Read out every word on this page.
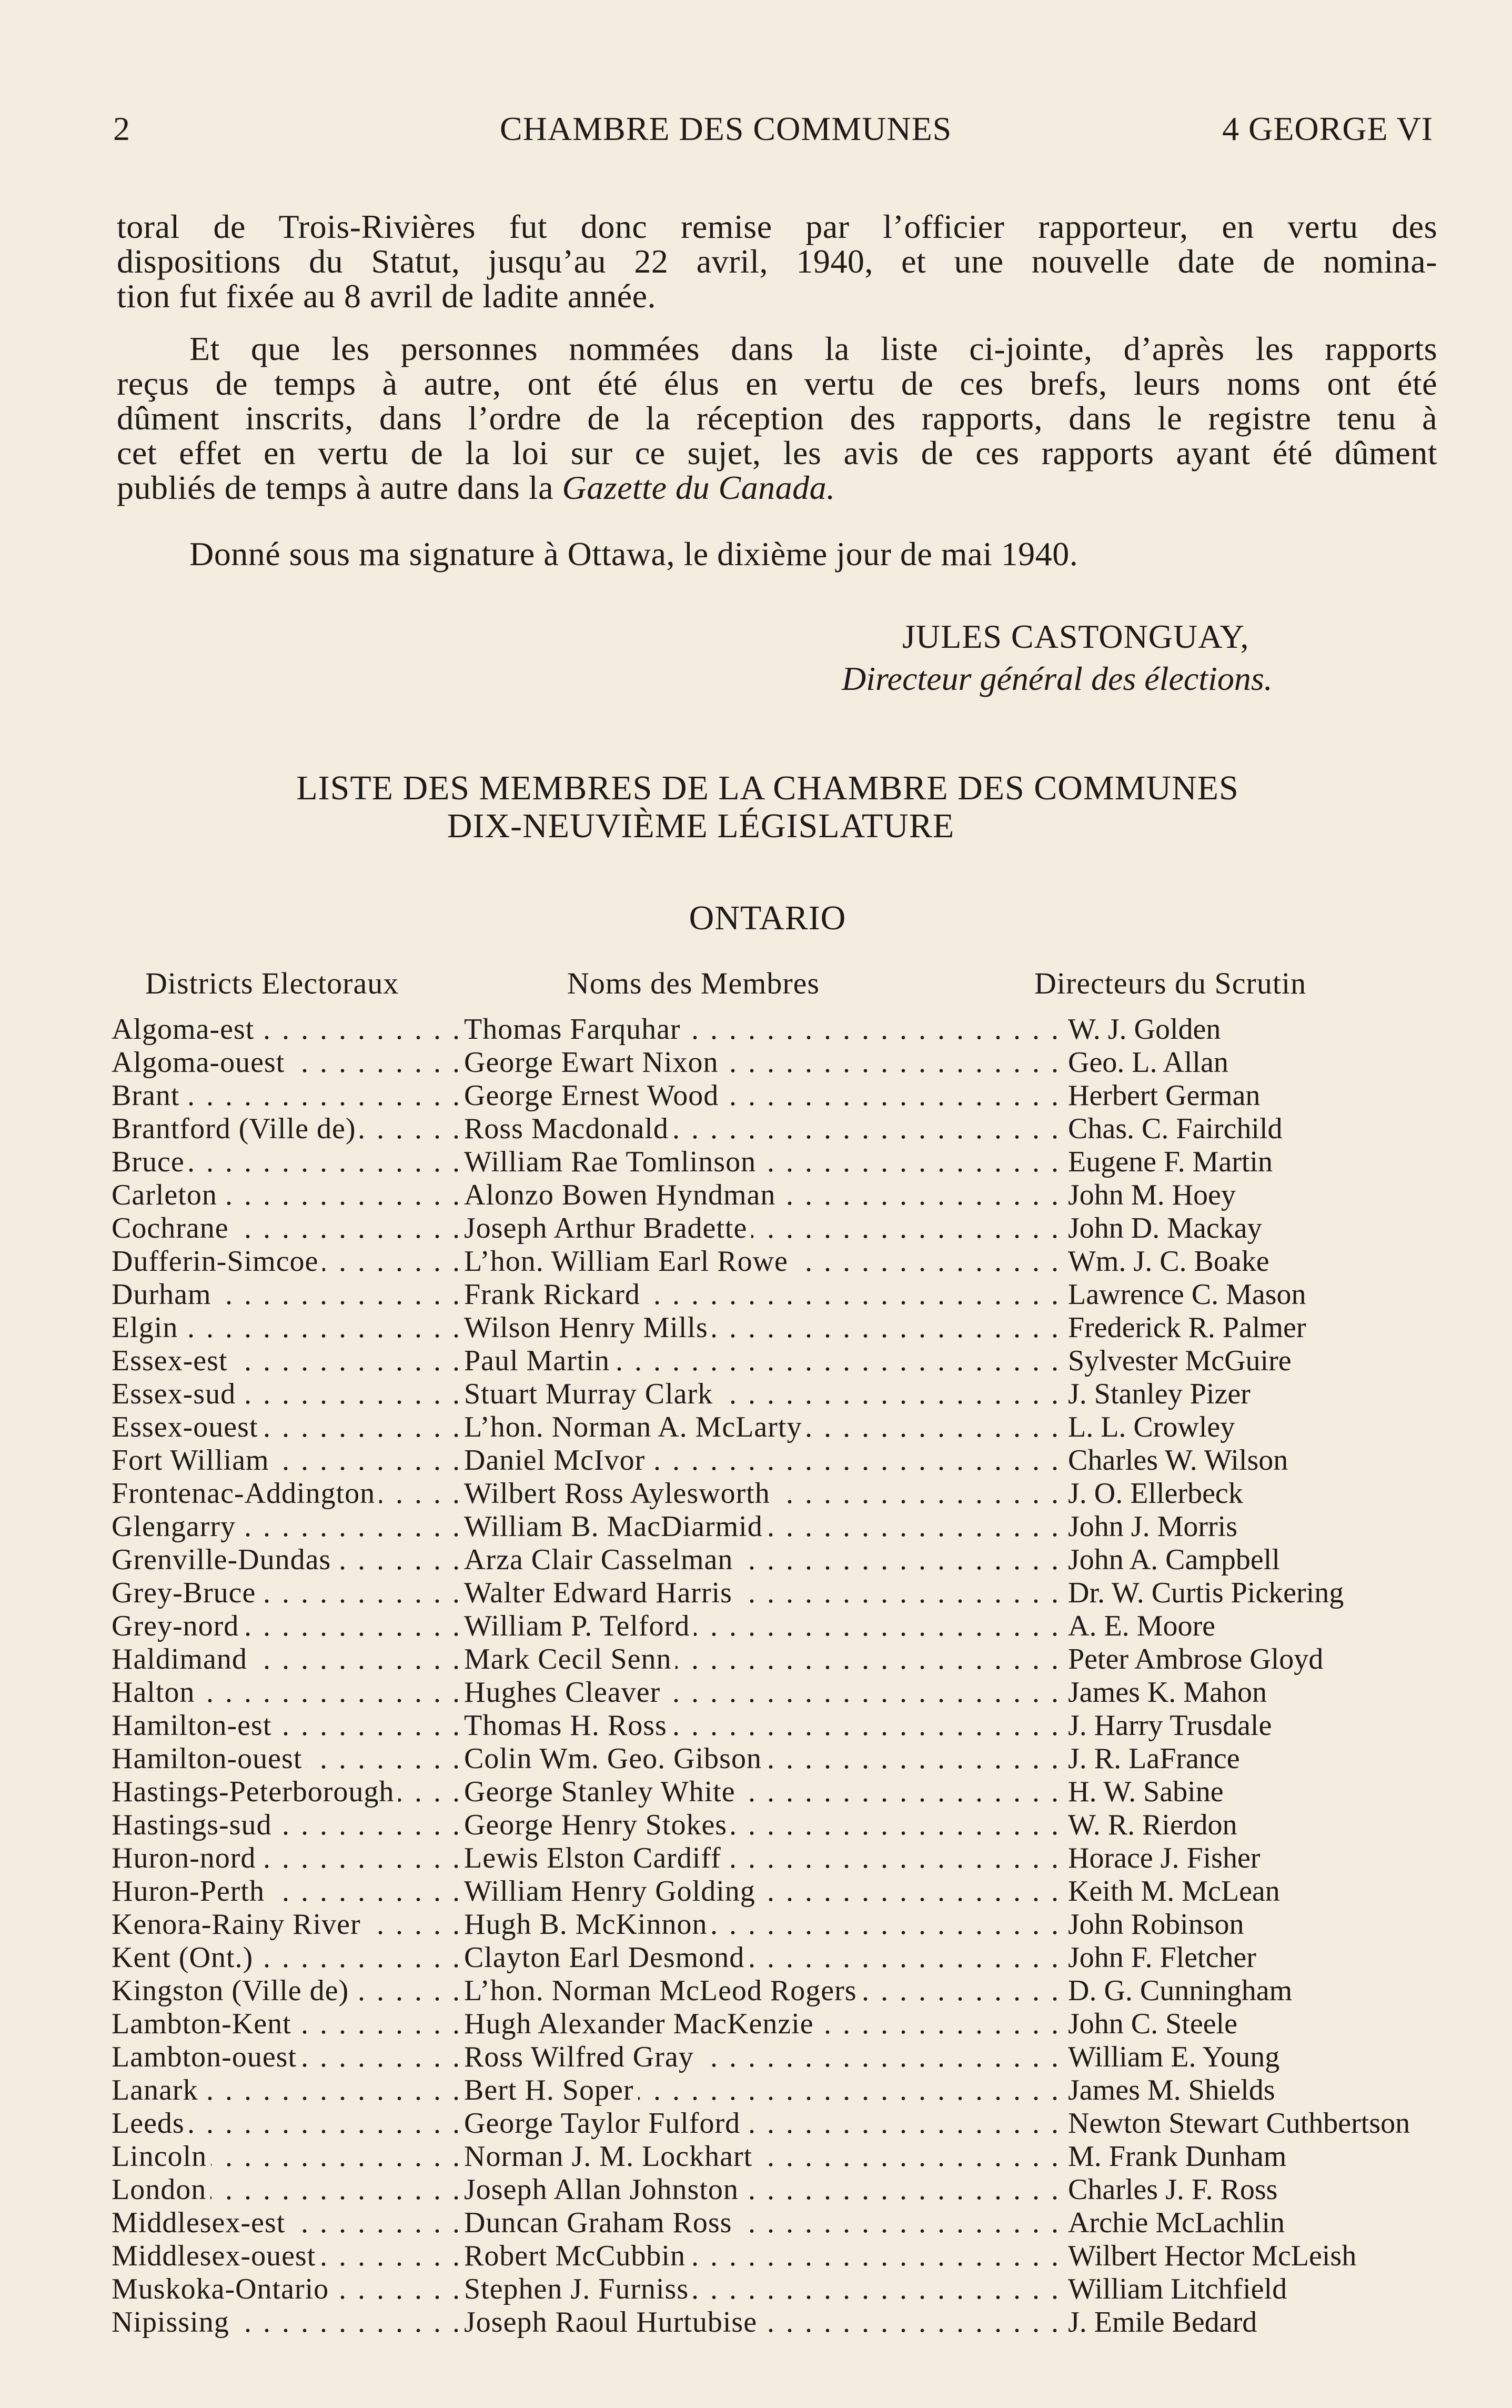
2	CHAMBRE DES COMMUNES	4 GEORGE VI
toral de Trois-Rivières fut donc remise par l’officier rapporteur, en vertu des
dispositions du Statut, jusqu’au 22 avril, 1940, et une nouvelle date de nomina-
tion fut fixée au 8 avril de ladite année.
Et que les personnes nommées dans la liste ci-jointe, d’après les rapports
reçus de temps à autre, ont été élus en vertu de ces brefs, leurs noms ont été
dûment inscrits, dans l’ordre de la réception des rapports, dans le registre tenu à
cet effet en vertu de la loi sur ce sujet, les avis de ces rapports ayant été dûment
publiés de temps à autre dans la Gazette du Canada.
Donné sous ma signature à Ottawa, le dixième jour de mai 1940.
JULES CASTONGUAY,
Directeur général des élections.
LISTE DES MEMBRES DE LA CHAMBRE DES COMMUNES
DIX-NEUVIÈME LÉGISLATURE
ONTARIO
Districts Electoraux	Noms des Membres	Directeurs du Scrutin
Algoma-est . . .	Thomas Farquhar . . .	W. J. Golden
Algoma-ouest . . .	George Ewart Nixon . . .	Geo. L. Allan
Brant . . .	George Ernest Wood . . .	Herbert German
Brantford (Ville de) . . .	Ross Macdonald . . .	Chas. C. Fairchild
Bruce . . .	William Rae Tomlinson . . .	Eugene F. Martin
Carleton . . .	Alonzo Bowen Hyndman . . .	John M. Hoey
Cochrane . . .	Joseph Arthur Bradette . . .	John D. Mackay
Dufferin-Simcoe . . .	L’hon. William Earl Rowe . . .	Wm. J. C. Boake
Durham . . .	Frank Rickard . . .	Lawrence C. Mason
Elgin . . .	Wilson Henry Mills . . .	Frederick R. Palmer
Essex-est . . .	Paul Martin . . .	Sylvester McGuire
Essex-sud . . .	Stuart Murray Clark . . .	J. Stanley Pizer
Essex-ouest . . .	L’hon. Norman A. McLarty . . .	L. L. Crowley
Fort William . . .	Daniel McIvor . . .	Charles W. Wilson
Frontenac-Addington . . .	Wilbert Ross Aylesworth . . .	J. O. Ellerbeck
Glengarry . . .	William B. MacDiarmid . . .	John J. Morris
Grenville-Dundas . . .	Arza Clair Casselman . . .	John A. Campbell
Grey-Bruce . . .	Walter Edward Harris . . .	Dr. W. Curtis Pickering
Grey-nord . . .	William P. Telford . . .	A. E. Moore
Haldimand . . .	Mark Cecil Senn . . .	Peter Ambrose Gloyd
Halton . . .	Hughes Cleaver . . .	James K. Mahon
Hamilton-est . . .	Thomas H. Ross . . .	J. Harry Trusdale
Hamilton-ouest . . .	Colin Wm. Geo. Gibson . . .	J. R. LaFrance
Hastings-Peterborough . . .	George Stanley White . . .	H. W. Sabine
Hastings-sud . . .	George Henry Stokes . . .	W. R. Rierdon
Huron-nord . . .	Lewis Elston Cardiff . . .	Horace J. Fisher
Huron-Perth . . .	William Henry Golding . . .	Keith M. McLean
Kenora-Rainy River . . .	Hugh B. McKinnon . . .	John Robinson
Kent (Ont.) . . .	Clayton Earl Desmond . . .	John F. Fletcher
Kingston (Ville de) . . .	L’hon. Norman McLeod Rogers . . .	D. G. Cunningham
Lambton-Kent . . .	Hugh Alexander MacKenzie . . .	John C. Steele
Lambton-ouest . . .	Ross Wilfred Gray . . .	William E. Young
Lanark . . .	Bert H. Soper . . .	James M. Shields
Leeds . . .	George Taylor Fulford . . .	Newton Stewart Cuthbertson
Lincoln . . .	Norman J. M. Lockhart . . .	M. Frank Dunham
London . . .	Joseph Allan Johnston . . .	Charles J. F. Ross
Middlesex-est . . .	Duncan Graham Ross . . .	Archie McLachlin
Middlesex-ouest . . .	Robert McCubbin . . .	Wilbert Hector McLeish
Muskoka-Ontario . . .	Stephen J. Furniss . . .	William Litchfield
Nipissing . . .	Joseph Raoul Hurtubise . . .	J. Emile Bedard
